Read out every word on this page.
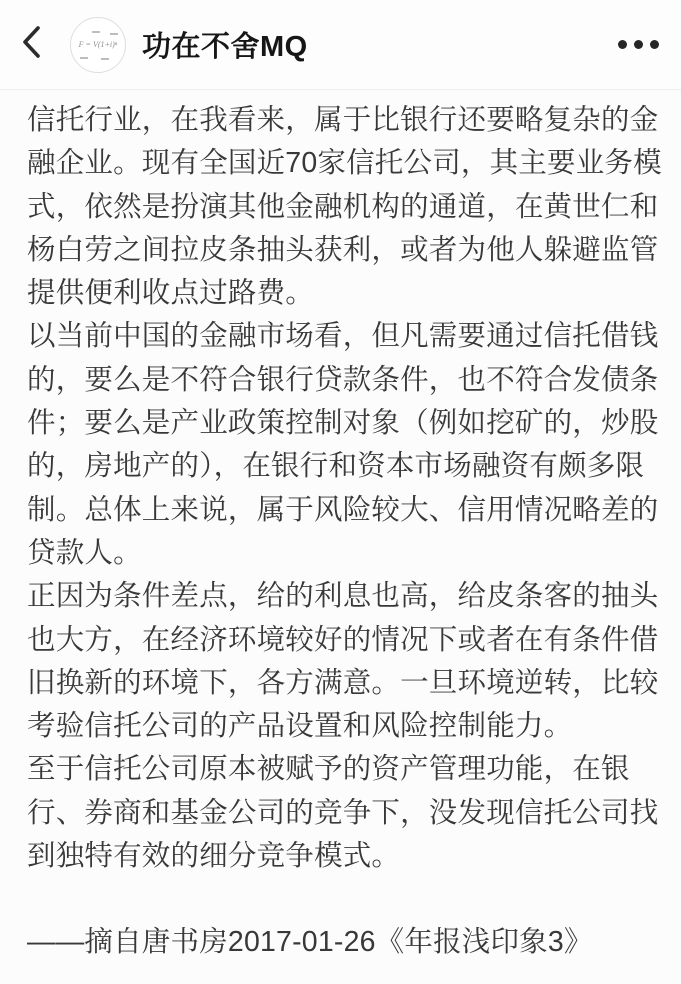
F = V(1+i)ⁿ 功在不舍MQ
信托行业，在我看来，属于比银行还要略复杂的金
融企业。现有全国近70家信托公司，其主要业务模
式，依然是扮演其他金融机构的通道，在黄世仁和
杨白劳之间拉皮条抽头获利，或者为他人躲避监管
提供便利收点过路费。
以当前中国的金融市场看，但凡需要通过信托借钱
的，要么是不符合银行贷款条件，也不符合发债条
件；要么是产业政策控制对象（例如挖矿的，炒股
的，房地产的），在银行和资本市场融资有颇多限
制。总体上来说，属于风险较大、信用情况略差的
贷款人。
正因为条件差点，给的利息也高，给皮条客的抽头
也大方，在经济环境较好的情况下或者在有条件借
旧换新的环境下，各方满意。一旦环境逆转，比较
考验信托公司的产品设置和风险控制能力。
至于信托公司原本被赋予的资产管理功能，在银
行、券商和基金公司的竞争下，没发现信托公司找
到独特有效的细分竞争模式。
——摘自唐书房2017-01-26《年报浅印象3》
